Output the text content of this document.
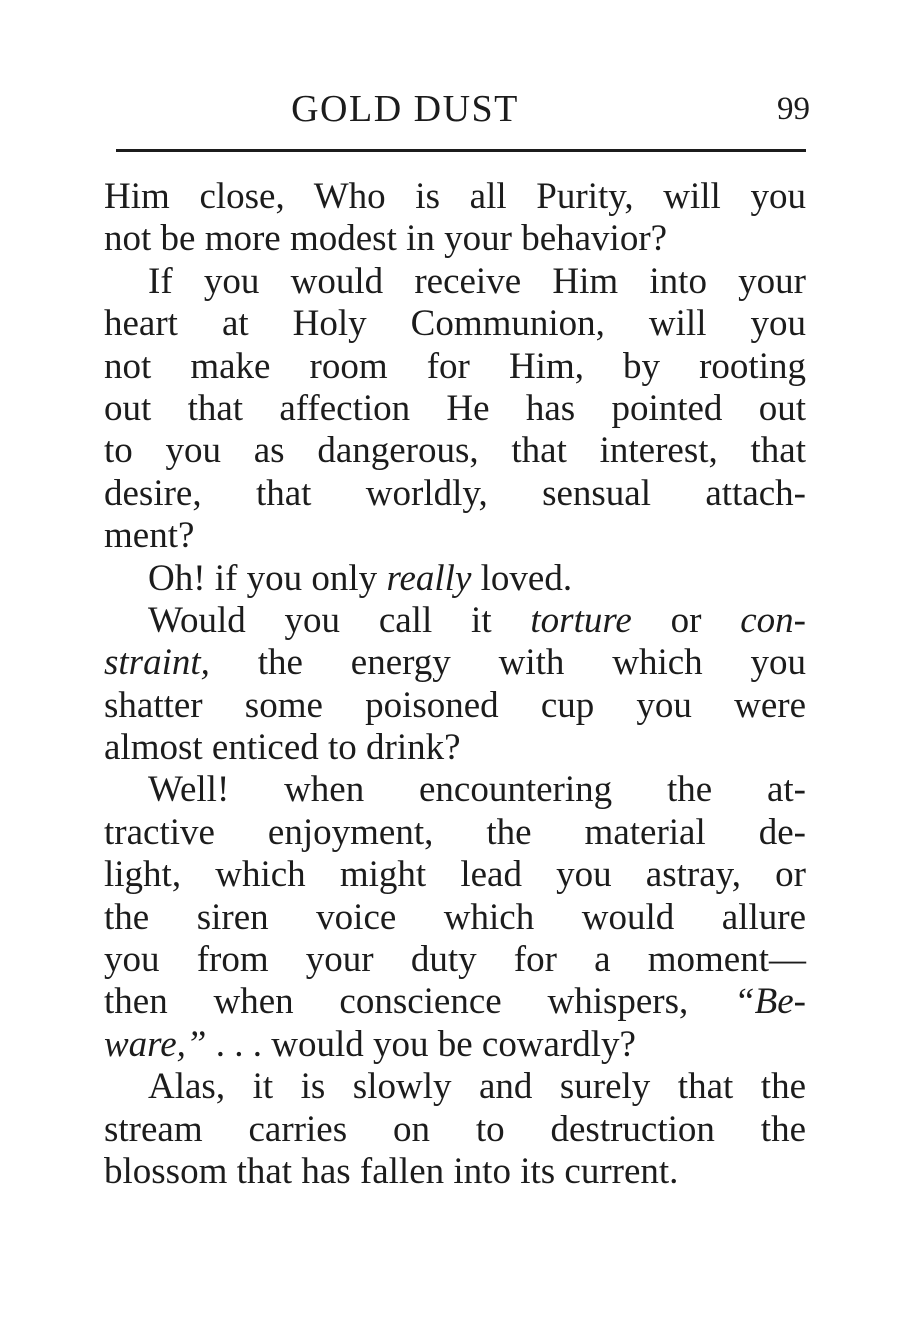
GOLD DUST	99
Him close, Who is all Purity, will you
not be more modest in your behavior?
If you would receive Him into your
heart at Holy Communion, will you
not make room for Him, by rooting
out that affection He has pointed out
to you as dangerous, that interest, that
desire, that worldly, sensual attach-
ment?
Oh! if you only really loved.
Would you call it torture or con-
straint, the energy with which you
shatter some poisoned cup you were
almost enticed to drink?
Well! when encountering the at-
tractive enjoyment, the material de-
light, which might lead you astray, or
the siren voice which would allure
you from your duty for a moment—
then when conscience whispers, “Be-
ware,” . . . would you be cowardly?
Alas, it is slowly and surely that the
stream carries on to destruction the
blossom that has fallen into its current.
